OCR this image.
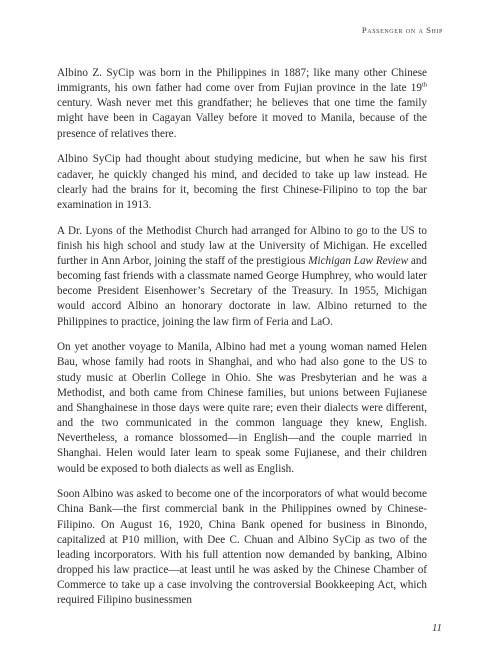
Passenger on a Ship

Albino Z. SyCip was born in the Philippines in 1887; like many other Chinese immigrants, his own father had come over from Fujian province in the late 19th century. Wash never met this grandfather; he believes that one time the family might have been in Cagayan Valley before it moved to Manila, because of the presence of relatives there.

Albino SyCip had thought about studying medicine, but when he saw his first cadaver, he quickly changed his mind, and decided to take up law instead. He clearly had the brains for it, becoming the first Chinese-Filipino to top the bar examination in 1913.

A Dr. Lyons of the Methodist Church had arranged for Albino to go to the US to finish his high school and study law at the University of Michigan. He excelled further in Ann Arbor, joining the staff of the prestigious Michigan Law Review and becoming fast friends with a classmate named George Humphrey, who would later become President Eisenhower’s Secretary of the Treasury. In 1955, Michigan would accord Albino an honorary doctorate in law. Albino returned to the Philippines to practice, joining the law firm of Feria and LaO.

On yet another voyage to Manila, Albino had met a young woman named Helen Bau, whose family had roots in Shanghai, and who had also gone to the US to study music at Oberlin College in Ohio. She was Presbyterian and he was a Methodist, and both came from Chinese families, but unions between Fujianese and Shanghainese in those days were quite rare; even their dialects were different, and the two communicated in the common language they knew, English. Nevertheless, a romance blossomed—in English—and the couple married in Shanghai. Helen would later learn to speak some Fujianese, and their children would be exposed to both dialects as well as English.

Soon Albino was asked to become one of the incorporators of what would become China Bank—the first commercial bank in the Philippines owned by Chinese-Filipino. On August 16, 1920, China Bank opened for business in Binondo, capitalized at P10 million, with Dee C. Chuan and Albino SyCip as two of the leading incorporators. With his full attention now demanded by banking, Albino dropped his law practice—at least until he was asked by the Chinese Chamber of Commerce to take up a case involving the controversial Bookkeeping Act, which required Filipino businessmen

11
